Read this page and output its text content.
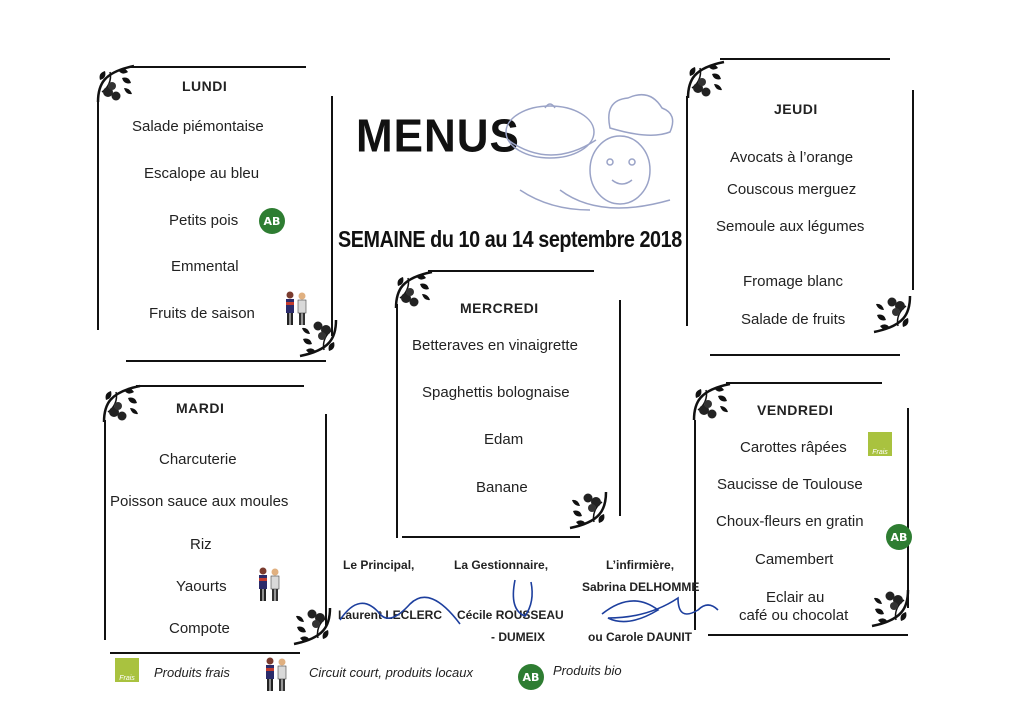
MENUS
SEMAINE du 10 au 14 septembre 2018
LUNDI
Salade piémontaise
Escalope au bleu
Petits pois	AB
Emmental
Fruits de saison
MARDI
Charcuterie
Poisson sauce aux moules
Riz
Yaourts
Compote
MERCREDI
Betteraves en vinaigrette
Spaghettis bolognaise
Edam
Banane
JEUDI
Avocats à l’orange
Couscous merguez
Semoule aux légumes
Fromage blanc
Salade de fruits
VENDREDI
Carottes râpées	Frais
Saucisse de Toulouse
Choux-fleurs en gratin
AB
Camembert
Eclair au
café ou chocolat
Le Principal,
Laurent LECLERC
La Gestionnaire,
Cécile ROUSSEAU
- DUMEIX
L’infirmière,
Sabrina DELHOMME
ou Carole DAUNIT
Frais	Produits frais	Circuit court, produits locaux	AB	Produits bio
